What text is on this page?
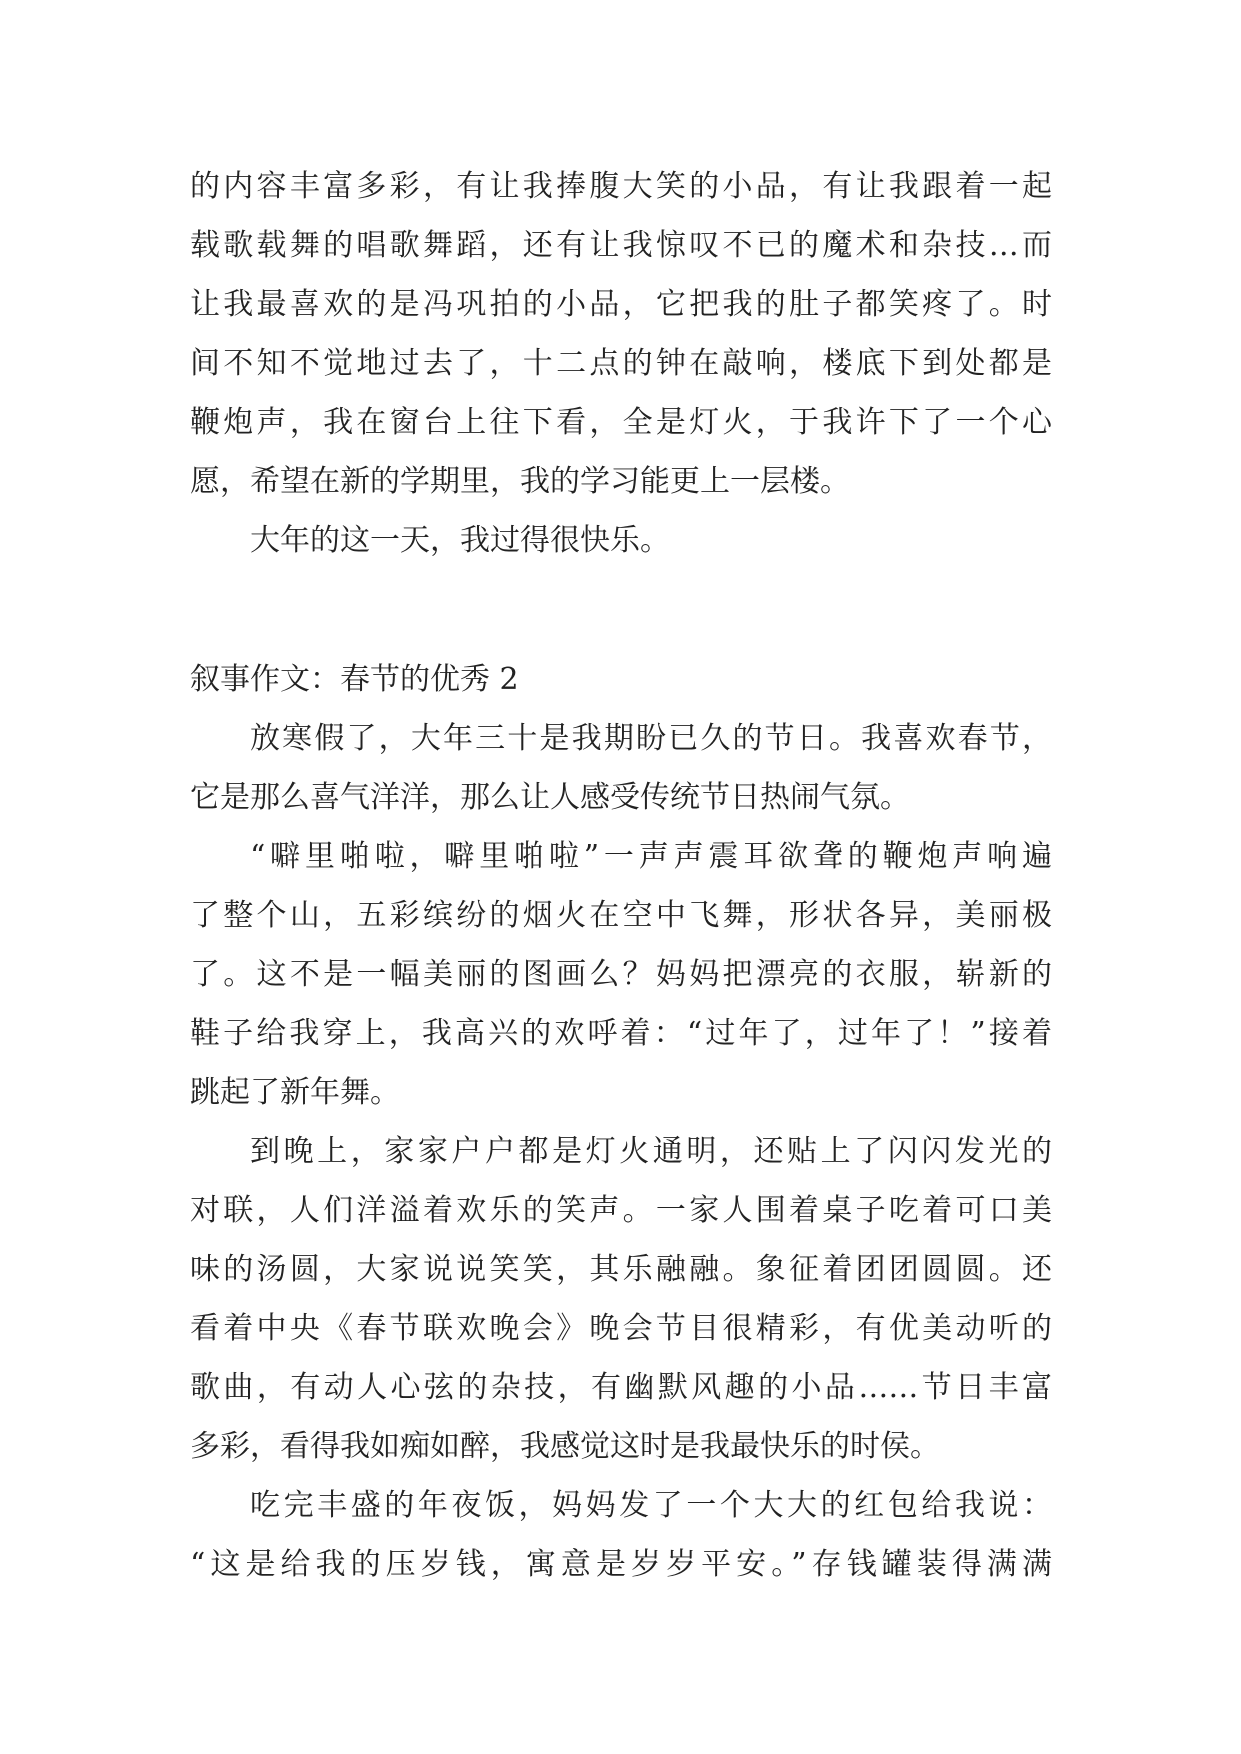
的内容丰富多彩，有让我捧腹大笑的小品，有让我跟着一起
载歌载舞的唱歌舞蹈，还有让我惊叹不已的魔术和杂技…而
让我最喜欢的是冯巩拍的小品，它把我的肚子都笑疼了。时
间不知不觉地过去了，十二点的钟在敲响，楼底下到处都是
鞭炮声，我在窗台上往下看，全是灯火，于我许下了一个心
愿，希望在新的学期里，我的学习能更上一层楼。
大年的这一天，我过得很快乐。
叙事作文：春节的优秀 2
放寒假了，大年三十是我期盼已久的节日。我喜欢春节，
它是那么喜气洋洋，那么让人感受传统节日热闹气氛。
“噼里啪啦，噼里啪啦”一声声震耳欲聋的鞭炮声响遍
了整个山，五彩缤纷的烟火在空中飞舞，形状各异，美丽极
了。这不是一幅美丽的图画么？妈妈把漂亮的衣服，崭新的
鞋子给我穿上，我高兴的欢呼着：“过年了，过年了！”接着
跳起了新年舞。
到晚上，家家户户都是灯火通明，还贴上了闪闪发光的
对联，人们洋溢着欢乐的笑声。一家人围着桌子吃着可口美
味的汤圆，大家说说笑笑，其乐融融。象征着团团圆圆。还
看着中央《春节联欢晚会》晚会节目很精彩，有优美动听的
歌曲，有动人心弦的杂技，有幽默风趣的小品……节日丰富
多彩，看得我如痴如醉，我感觉这时是我最快乐的时侯。
吃完丰盛的年夜饭，妈妈发了一个大大的红包给我说：
“这是给我的压岁钱，寓意是岁岁平安。”存钱罐装得满满
